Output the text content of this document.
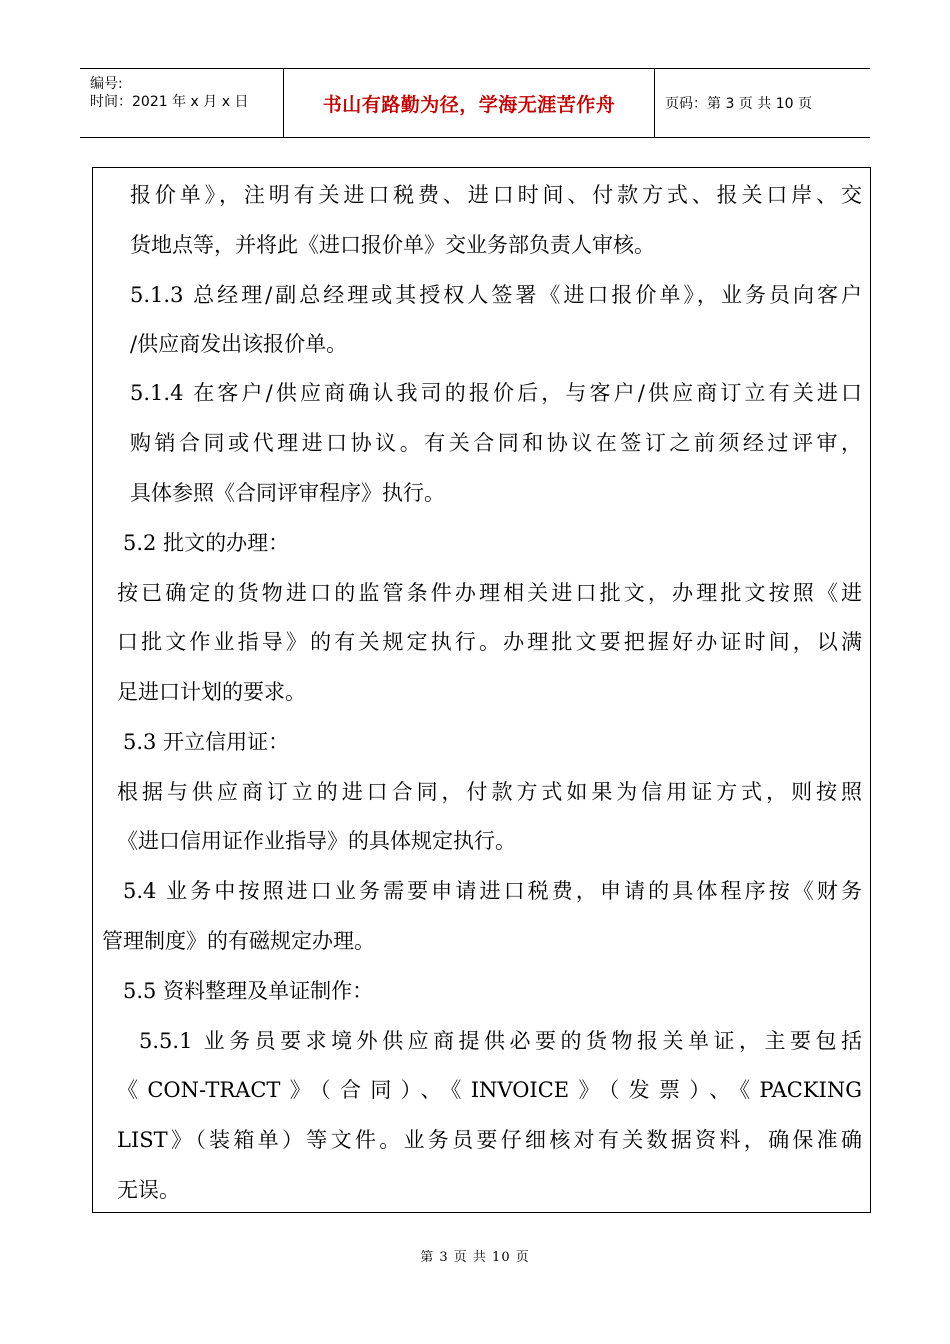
编号:
时间：2021 年 x 月 x 日	书山有路勤为径，学海无涯苦作舟	页码：第 3 页 共 10 页
报价单》，注明有关进口税费、进口时间、付款方式、报关口岸、交
货地点等，并将此《进口报价单》交业务部负责人审核。
5.1.3 总经理/副总经理或其授权人签署《进口报价单》，业务员向客户
/供应商发出该报价单。
5.1.4 在客户/供应商确认我司的报价后，与客户/供应商订立有关进口
购销合同或代理进口协议。有关合同和协议在签订之前须经过评审，
具体参照《合同评审程序》执行。
5.2 批文的办理：
按已确定的货物进口的监管条件办理相关进口批文，办理批文按照《进
口批文作业指导》的有关规定执行。办理批文要把握好办证时间，以满
足进口计划的要求。
5.3 开立信用证：
根据与供应商订立的进口合同，付款方式如果为信用证方式，则按照
《进口信用证作业指导》的具体规定执行。
5.4 业务中按照进口业务需要申请进口税费，申请的具体程序按《财务
管理制度》的有磁规定办理。
5.5 资料整理及单证制作：
5.5.1 业务员要求境外供应商提供必要的货物报关单证，主要包括
《CON-TRACT》（合同）、《INVOICE》（发票）、《PACKING
LIST》（装箱单）等文件。业务员要仔细核对有关数据资料，确保准确
无误。
第 3 页 共 10 页
